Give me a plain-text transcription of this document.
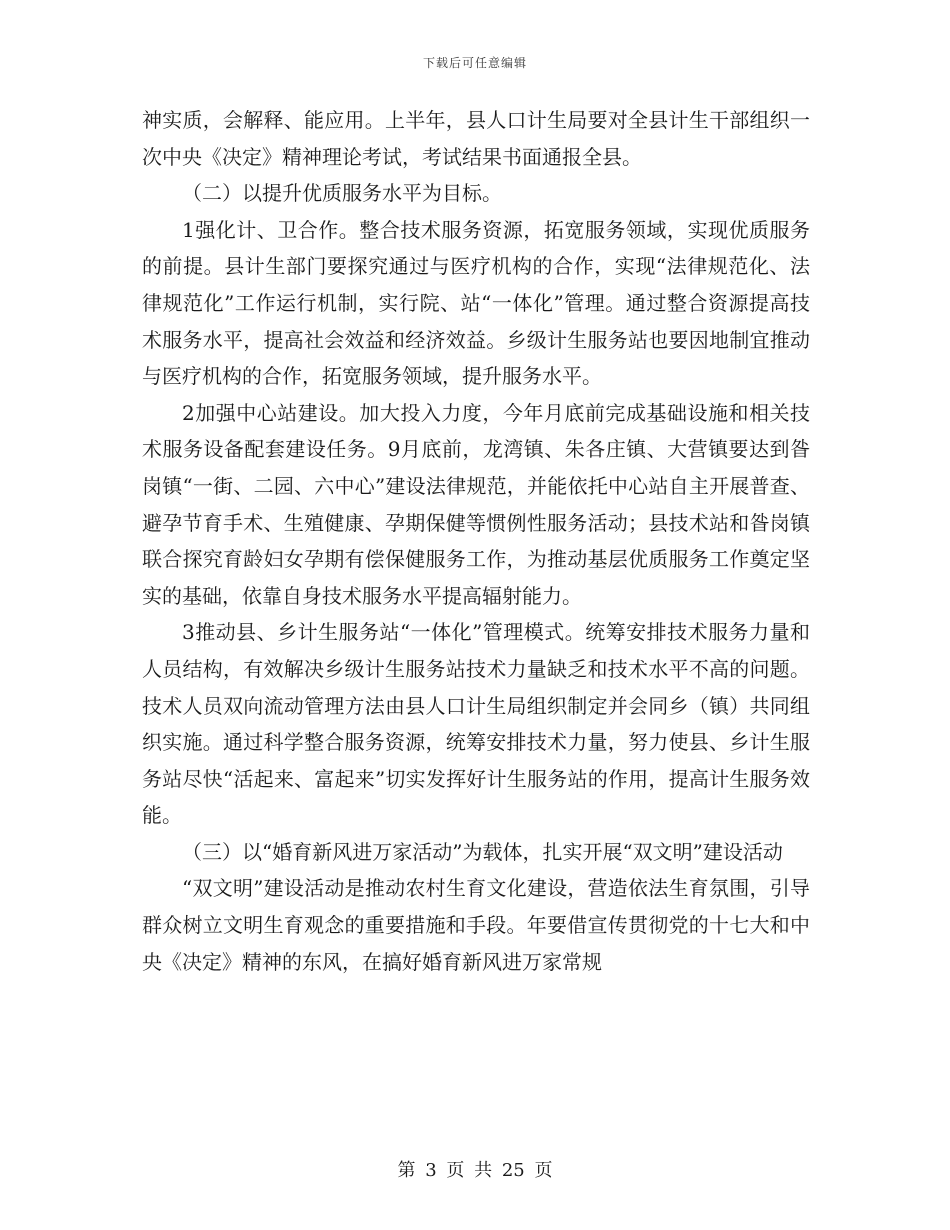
下载后可任意编辑

神实质，会解释、能应用。上半年，县人口计生局要对全县计生干部组织一次中央《决定》精神理论考试，考试结果书面通报全县。

（二）以提升优质服务水平为目标。

1强化计、卫合作。整合技术服务资源，拓宽服务领域，实现优质服务的前提。县计生部门要探究通过与医疗机构的合作，实现“法律规范化、法律规范化”工作运行机制，实行院、站“一体化”管理。通过整合资源提高技术服务水平，提高社会效益和经济效益。乡级计生服务站也要因地制宜推动与医疗机构的合作，拓宽服务领域，提升服务水平。

2加强中心站建设。加大投入力度，今年月底前完成基础设施和相关技术服务设备配套建设任务。9月底前，龙湾镇、朱各庄镇、大营镇要达到昝岗镇“一街、二园、六中心”建设法律规范，并能依托中心站自主开展普查、避孕节育手术、生殖健康、孕期保健等惯例性服务活动；县技术站和昝岗镇联合探究育龄妇女孕期有偿保健服务工作，为推动基层优质服务工作奠定坚实的基础，依靠自身技术服务水平提高辐射能力。

3推动县、乡计生服务站“一体化”管理模式。统筹安排技术服务力量和人员结构，有效解决乡级计生服务站技术力量缺乏和技术水平不高的问题。技术人员双向流动管理方法由县人口计生局组织制定并会同乡（镇）共同组织实施。通过科学整合服务资源，统筹安排技术力量，努力使县、乡计生服务站尽快“活起来、富起来”切实发挥好计生服务站的作用，提高计生服务效能。

（三）以“婚育新风进万家活动”为载体，扎实开展“双文明”建设活动

“双文明”建设活动是推动农村生育文化建设，营造依法生育氛围，引导群众树立文明生育观念的重要措施和手段。年要借宣传贯彻党的十七大和中央《决定》精神的东风，在搞好婚育新风进万家常规

第 3 页 共 25 页
